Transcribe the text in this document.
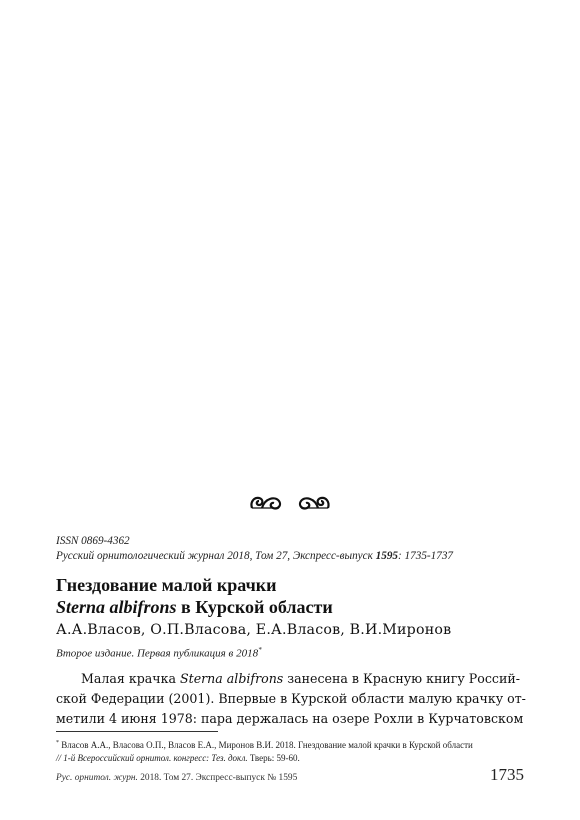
ISSN 0869-4362
Русский орнитологический журнал 2018, Том 27, Экспресс-выпуск 1595: 1735-1737
Гнездование малой крачки
Sterna albifrons в Курской области
А.А.Власов, О.П.Власова, Е.А.Власов, В.И.Миронов
Второе издание. Первая публикация в 2018*
Малая крачка Sterna albifrons занесена в Красную книгу Россий-
ской Федерации (2001). Впервые в Курской области малую крачку от-
метили 4 июня 1978: пара держалась на озере Рохли в Курчатовском
* Власов А.А., Власова О.П., Власов Е.А., Миронов В.И. 2018. Гнездование малой крачки в Курской области
// 1-й Всероссийский орнитол. конгресс: Тез. докл. Тверь: 59-60.
Рус. орнитол. журн. 2018. Том 27. Экспресс-выпуск № 1595	1735
